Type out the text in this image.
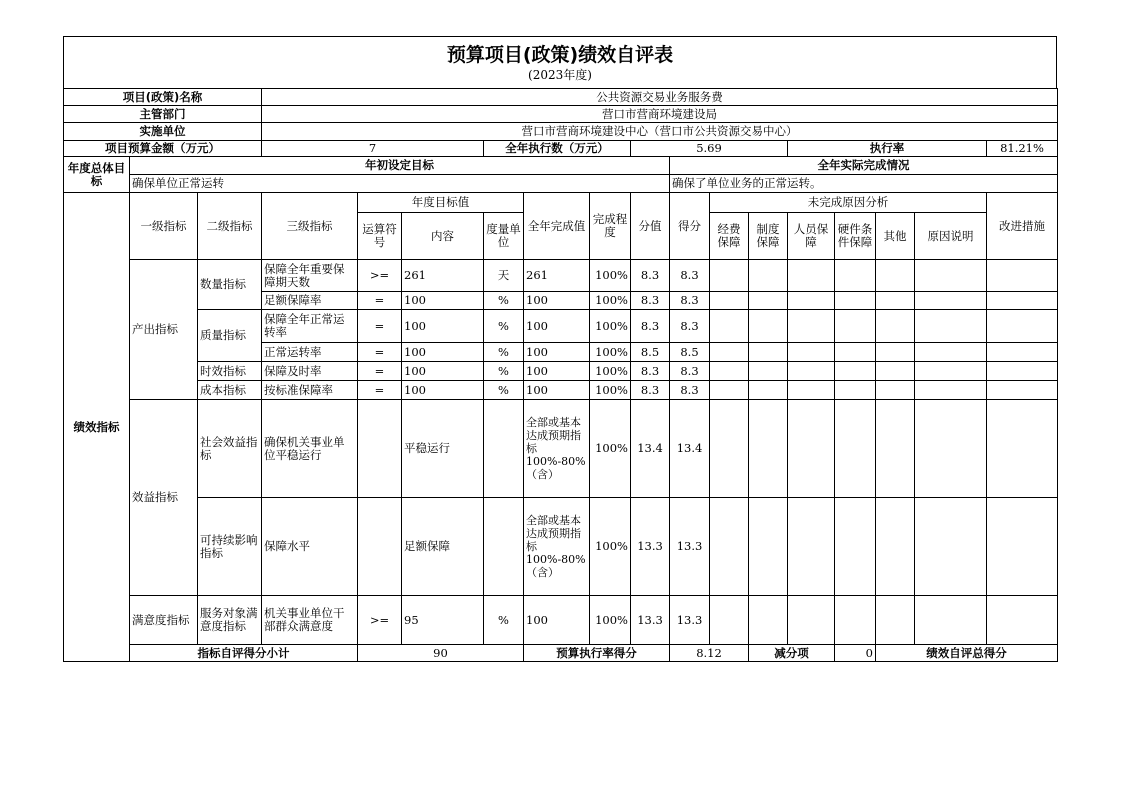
预算项目(政策)绩效自评表
(2023年度)
项目(政策)名称			公共资源交易业务服务费															
主管部门			营口市营商环境建设局															
实施单位			营口市营商环境建设中心（营口市公共资源交易中心）															
项目预算金额（万元）			7			全年执行数（万元）			5.69				执行率				81.21%	
年度总体目标	年初设定目标									全年实际完成情况								
	确保单位正常运转									确保了单位业务的正常运转。								
绩效指标	一级指标	二级指标	三级指标	年度目标值			全年完成值	完成程度	分值	得分	未完成原因分析						改进措施	
				运算符号	内容	度量单位					经费保障	制度保障	人员保障	硬件条件保障	其他	原因说明		
	产出指标	数量指标	保障全年重要保障期天数	>=	261	天	261	100%	8.3	8.3								
			足额保障率	=	100	%	100	100%	8.3	8.3								
		质量指标	保障全年正常运转率	=	100	%	100	100%	8.3	8.3								
			正常运转率	=	100	%	100	100%	8.5	8.5								
		时效指标	保障及时率	=	100	%	100	100%	8.3	8.3								
		成本指标	按标准保障率	=	100	%	100	100%	8.3	8.3								
	效益指标	社会效益指标	确保机关事业单位平稳运行		平稳运行		全部或基本达成预期指标100%-80%（含）	100%	13.4	13.4								
		可持续影响指标	保障水平		足额保障		全部或基本达成预期指标100%-80%（含）	100%	13.3	13.3								
	满意度指标	服务对象满意度指标	机关事业单位干部群众满意度	>=	95	%	100	100%	13.3	13.3								
	指标自评得分小计			90			预算执行率得分			8.12		减分项		0	绩效自评总得分	
